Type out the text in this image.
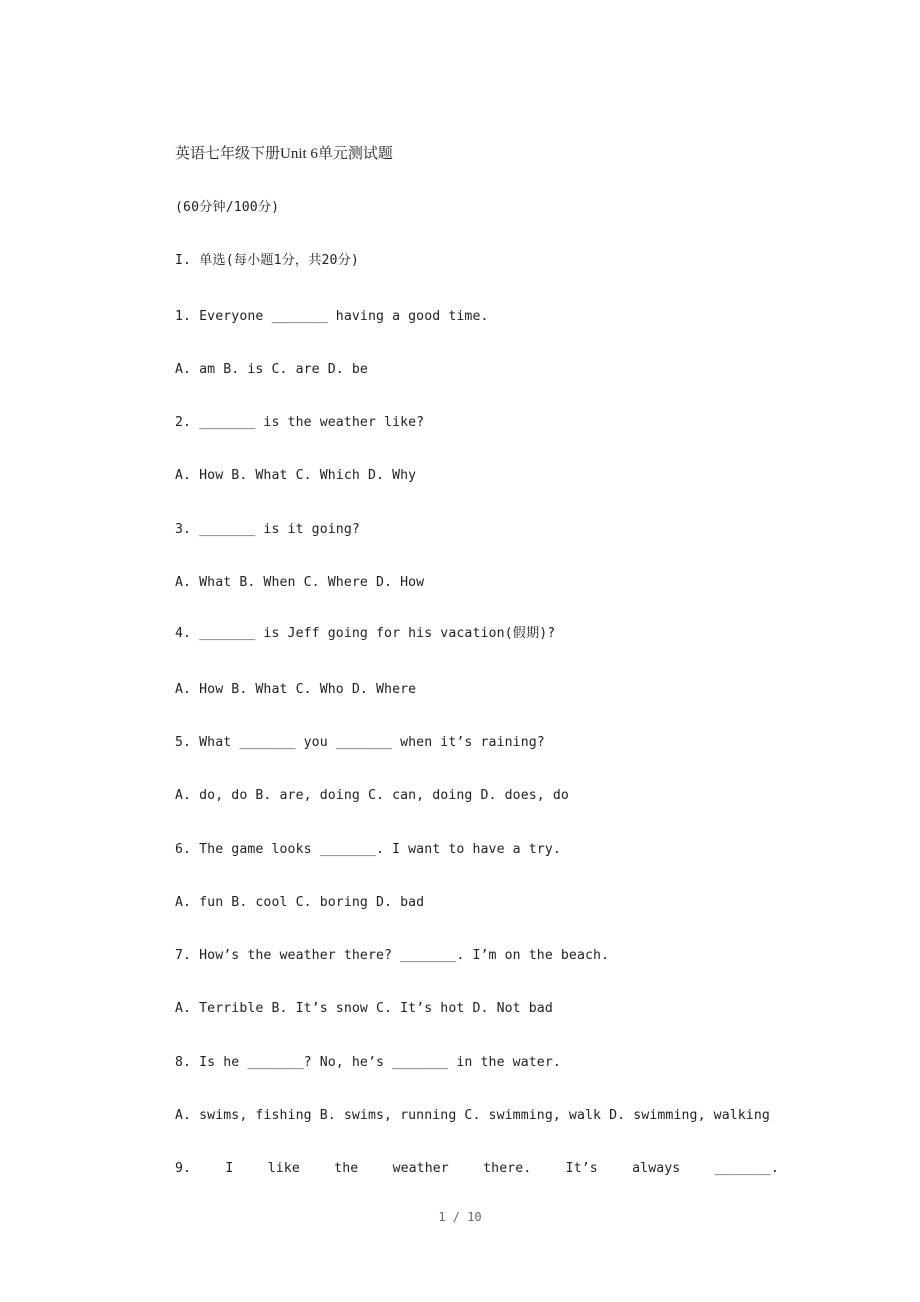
英语七年级下册Unit 6单元测试题
(60分钟/100分)
I. 单选(每小题1分，共20分)
1. Everyone _______ having a good time.
A. am B. is C. are D. be
2. _______ is the weather like?
A. How B. What C. Which D. Why
3. _______ is it going?
A. What B. When C. Where D. How
4. _______ is Jeff going for his vacation(假期)?
A. How B. What C. Who D. Where
5. What _______ you _______ when it’s raining?
A. do, do B. are, doing C. can, doing D. does, do
6. The game looks _______. I want to have a try.
A. fun B. cool C. boring D. bad
7. How’s the weather there? _______. I’m on the beach.
A. Terrible B. It’s snow C. It’s hot D. Not bad
8. Is he _______? No, he’s _______ in the water.
A. swims, fishing B. swims, running C. swimming, walk D. swimming, walking
9.	I	like	the	weather	there.	It’s	always	_______.
1 / 10
